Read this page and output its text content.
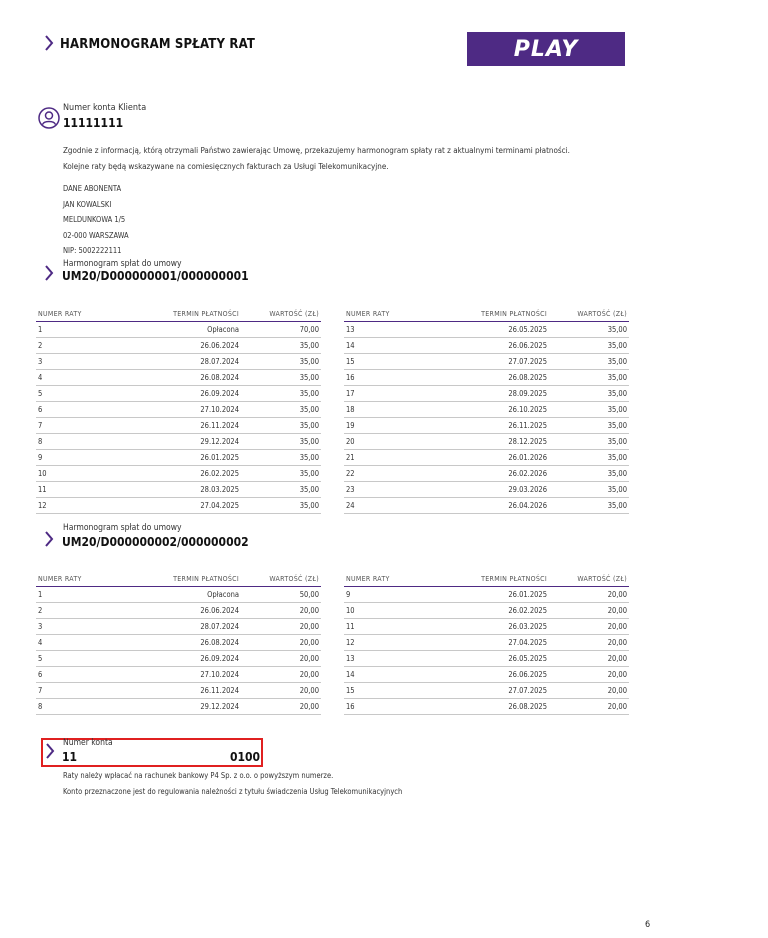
HARMONOGRAM SPŁATY RAT	PLAY
Numer konta Klienta
11111111
Zgodnie z informacją, którą otrzymali Państwo zawierając Umowę, przekazujemy harmonogram spłaty rat z aktualnymi terminami płatności.
Kolejne raty będą wskazywane na comiesięcznych fakturach za Usługi Telekomunikacyjne.
DANE ABONENTA
JAN KOWALSKI
MELDUNKOWA 1/5
02-000 WARSZAWA
NIP: 5002222111
Harmonogram spłat do umowy
UM20/D000000001/000000001
NUMER RATY	TERMIN PŁATNOŚCI	WARTOŚĆ (ZŁ)
1	Opłacona	70,00
2	26.06.2024	35,00
3	28.07.2024	35,00
4	26.08.2024	35,00
5	26.09.2024	35,00
6	27.10.2024	35,00
7	26.11.2024	35,00
8	29.12.2024	35,00
9	26.01.2025	35,00
10	26.02.2025	35,00
11	28.03.2025	35,00
12	27.04.2025	35,00
NUMER RATY	TERMIN PŁATNOŚCI	WARTOŚĆ (ZŁ)
13	26.05.2025	35,00
14	26.06.2025	35,00
15	27.07.2025	35,00
16	26.08.2025	35,00
17	28.09.2025	35,00
18	26.10.2025	35,00
19	26.11.2025	35,00
20	28.12.2025	35,00
21	26.01.2026	35,00
22	26.02.2026	35,00
23	29.03.2026	35,00
24	26.04.2026	35,00
Harmonogram spłat do umowy
UM20/D000000002/000000002
NUMER RATY	TERMIN PŁATNOŚCI	WARTOŚĆ (ZŁ)
1	Opłacona	50,00
2	26.06.2024	20,00
3	28.07.2024	20,00
4	26.08.2024	20,00
5	26.09.2024	20,00
6	27.10.2024	20,00
7	26.11.2024	20,00
8	29.12.2024	20,00
NUMER RATY	TERMIN PŁATNOŚCI	WARTOŚĆ (ZŁ)
9	26.01.2025	20,00
10	26.02.2025	20,00
11	26.03.2025	20,00
12	27.04.2025	20,00
13	26.05.2025	20,00
14	26.06.2025	20,00
15	27.07.2025	20,00
16	26.08.2025	20,00
Numer konta
11	0100
Raty należy wpłacać na rachunek bankowy P4 Sp. z o.o. o powyższym numerze.
Konto przeznaczone jest do regulowania należności z tytułu świadczenia Usług Telekomunikacyjnych
6
